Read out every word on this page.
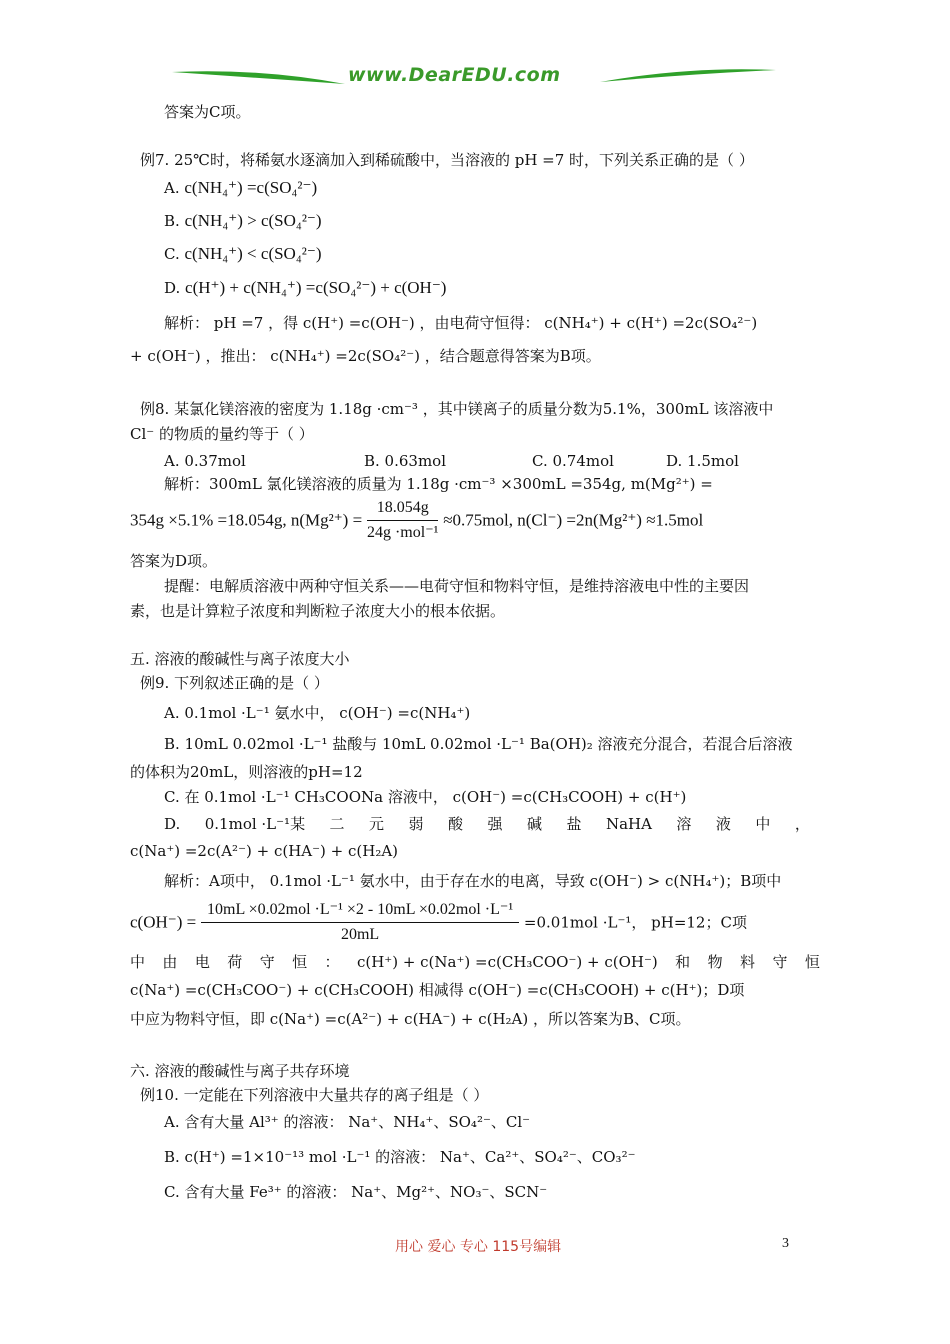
www.DearEDU.com
答案为C项。
例7. 25℃时，将稀氨水逐滴加入到稀硫酸中，当溶液的 pH =7 时，下列关系正确的是（ ）
A. c(NH₄⁺) =c(SO₄²⁻)
B. c(NH₄⁺) > c(SO₄²⁻)
C. c(NH₄⁺) < c(SO₄²⁻)
D. c(H⁺) + c(NH₄⁺) =c(SO₄²⁻) + c(OH⁻)
解析： pH =7 ，得 c(H⁺) =c(OH⁻) ，由电荷守恒得： c(NH₄⁺) + c(H⁺) =2c(SO₄²⁻)
+ c(OH⁻) ，推出： c(NH₄⁺) =2c(SO₄²⁻) ，结合题意得答案为B项。
例8. 某氯化镁溶液的密度为 1.18g ·cm⁻³ ，其中镁离子的质量分数为5.1%，300mL 该溶液中
Cl⁻ 的物质的量约等于（ ）
A. 0.37mol	B. 0.63mol	C. 0.74mol	D. 1.5mol
解析：300mL 氯化镁溶液的质量为 1.18g ·cm⁻³ ×300mL =354g, m(Mg²⁺) =
354g ×5.1% =18.054g, $n(Mg^{2+}) = \frac{18.054g}{\text{24g ·mol⁻¹}} \approx 0.75mol$, n(Cl⁻) =2n(Mg²⁺) ≈1.5mol
答案为D项。
提醒：电解质溶液中两种守恒关系——电荷守恒和物料守恒，是维持溶液电中性的主要因
素，也是计算粒子浓度和判断粒子浓度大小的根本依据。
五. 溶液的酸碱性与离子浓度大小
例9. 下列叙述正确的是（ ）
A. 0.1mol ·L⁻¹ 氨水中， c(OH⁻) =c(NH₄⁺)
B. 10mL 0.02mol ·L⁻¹ 盐酸与 10mL 0.02mol ·L⁻¹ Ba(OH)₂ 溶液充分混合，若混合后溶液
的体积为20mL，则溶液的pH=12
C. 在 0.1mol ·L⁻¹ CH₃COONa 溶液中， c(OH⁻) =c(CH₃COOH) + c(H⁺)
D. 0.1mol ·L⁻¹某 二 元 弱 酸 强 碱 盐 NaHA 溶 液 中 ，
c(Na⁺) =2c(A²⁻) + c(HA⁻) + c(H₂A)
解析：A项中， 0.1mol ·L⁻¹ 氨水中，由于存在水的电离，导致 c(OH⁻) > c(NH₄⁺)；B项中
$c(OH^-) = \frac{\text{10mL ×0.02mol ·L⁻¹ ×2 - 10mL ×0.02mol ·L⁻¹}}{20mL} =0.01mol \cdot L^{-1}$， pH=12；C项
中 由 电 荷 守 恒 ： c(H⁺) + c(Na⁺) =c(CH₃COO⁻) + c(OH⁻) 和 物 料 守 恒
c(Na⁺) =c(CH₃COO⁻) + c(CH₃COOH) 相减得 c(OH⁻) =c(CH₃COOH) + c(H⁺)；D项
中应为物料守恒，即 c(Na⁺) =c(A²⁻) + c(HA⁻) + c(H₂A) ，所以答案为B、C项。
六. 溶液的酸碱性与离子共存环境
例10. 一定能在下列溶液中大量共存的离子组是（ ）
A. 含有大量 Al³⁺ 的溶液： Na⁺、NH₄⁺、SO₄²⁻、Cl⁻
B. c(H⁺) =1×10⁻¹³ mol ·L⁻¹ 的溶液： Na⁺、Ca²⁺、SO₄²⁻、CO₃²⁻
C. 含有大量 Fe³⁺ 的溶液： Na⁺、Mg²⁺、NO₃⁻、SCN⁻
用心 爱心 专心 115号编辑	3
